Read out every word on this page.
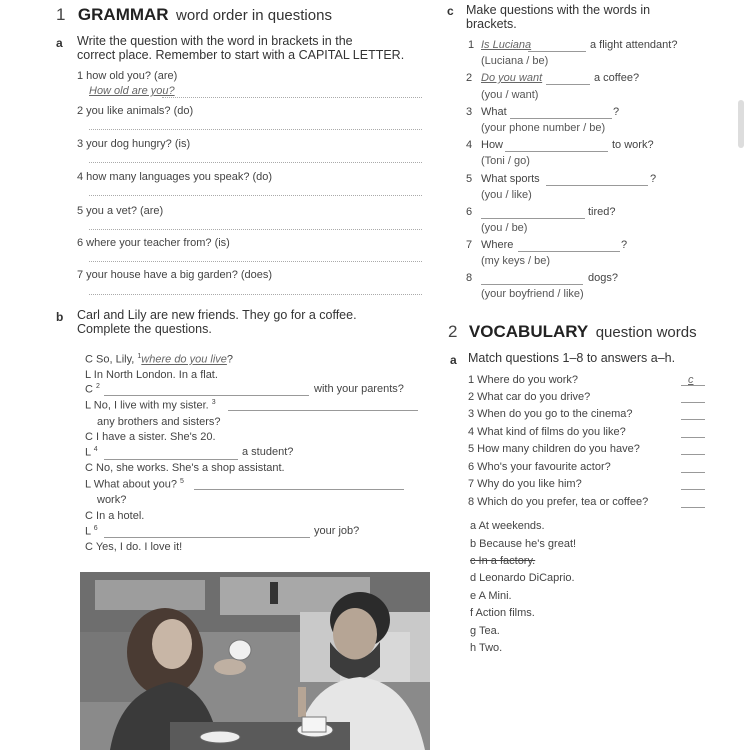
1 GRAMMAR word order in questions
a Write the question with the word in brackets in the
correct place. Remember to start with a CAPITAL LETTER.
1 how old you? (are)
How old are you?
2 you like animals? (do)
3 your dog hungry? (is)
4 how many languages you speak? (do)
5 you a vet? (are)
6 where your teacher from? (is)
7 your house have a big garden? (does)
b Carl and Lily are new friends. They go for a coffee.
Complete the questions.
C So, Lily, $^1$where do you live?
L In North London. In a flat.
C $^2$	with your parents?
L No, I live with my sister. $^3$
any brothers and sisters?
C I have a sister. She's 20.
L $^4$	a student?
C No, she works. She's a shop assistant.
L What about you? $^5$
work?
C In a hotel.
L $^6$	your job?
C Yes, I do. I love it!
c Make questions with the words in
brackets.
1 Is Luciana	a flight attendant?
(Luciana / be)
2 Do you want	a coffee?
(you / want)
3 What	?
(your phone number / be)
4 How	to work?
(Toni / go)
5 What sports	?
(you / like)
6	tired?
(you / be)
7 Where	?
(my keys / be)
8	dogs?
(your boyfriend / like)
2 VOCABULARY question words
a Match questions 1–8 to answers a–h.
1 Where do you work?	c
2 What car do you drive?
3 When do you go to the cinema?
4 What kind of films do you like?
5 How many children do you have?
6 Who's your favourite actor?
7 Why do you like him?
8 Which do you prefer, tea or coffee?
a At weekends.
b Because he's great!
c In a factory.
d Leonardo DiCaprio.
e A Mini.
f Action films.
g Tea.
h Two.
